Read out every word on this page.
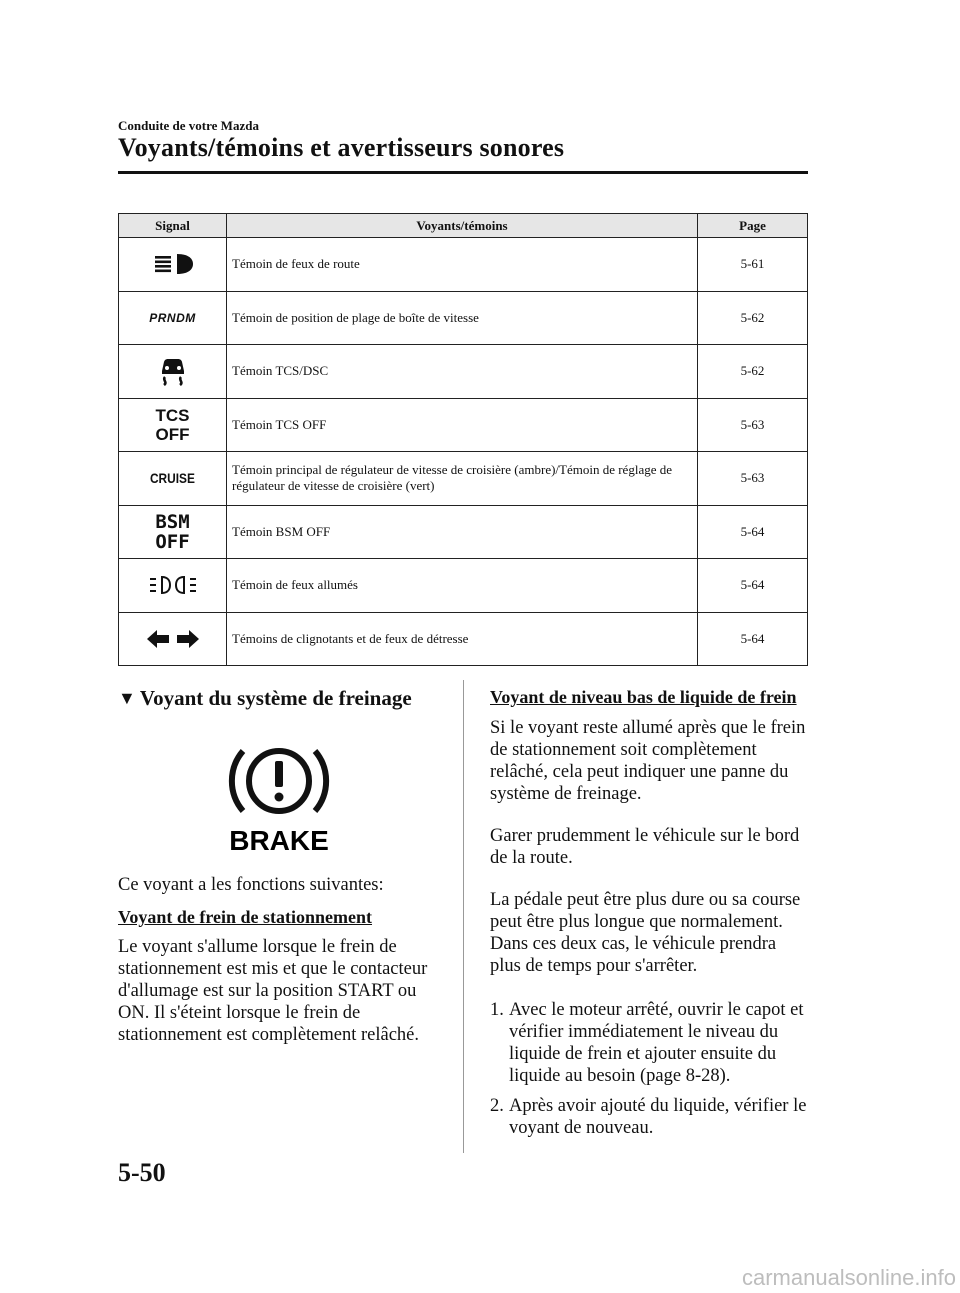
Conduite de votre Mazda
Voyants/témoins et avertisseurs sonores
Signal	Voyants/témoins	Page
	Témoin de feux de route	5-61
PRNDM	Témoin de position de plage de boîte de vitesse	5-62
	Témoin TCS/DSC	5-62
TCS OFF	Témoin TCS OFF	5-63
CRUISE	Témoin principal de régulateur de vitesse de croisière (ambre)/Témoin de réglage de régulateur de vitesse de croisière (vert)	5-63
BSM OFF	Témoin BSM OFF	5-64
	Témoin de feux allumés	5-64
	Témoins de clignotants et de feux de détresse	5-64
▼ Voyant du système de freinage
BRAKE

Ce voyant a les fonctions suivantes:

Voyant de frein de stationnement

Le voyant s'allume lorsque le frein de stationnement est mis et que le contacteur d'allumage est sur la position START ou ON. Il s'éteint lorsque le frein de stationnement est complètement relâché.

Voyant de niveau bas de liquide de frein

Si le voyant reste allumé après que le frein de stationnement soit complètement relâché, cela peut indiquer une panne du système de freinage.

Garer prudemment le véhicule sur le bord de la route.

La pédale peut être plus dure ou sa course peut être plus longue que normalement. Dans ces deux cas, le véhicule prendra plus de temps pour s'arrêter.

1. Avec le moteur arrêté, ouvrir le capot et vérifier immédiatement le niveau du liquide de frein et ajouter ensuite du liquide au besoin (page 8-28).
2. Après avoir ajouté du liquide, vérifier le voyant de nouveau.
5-50
carmanualsonline.info
